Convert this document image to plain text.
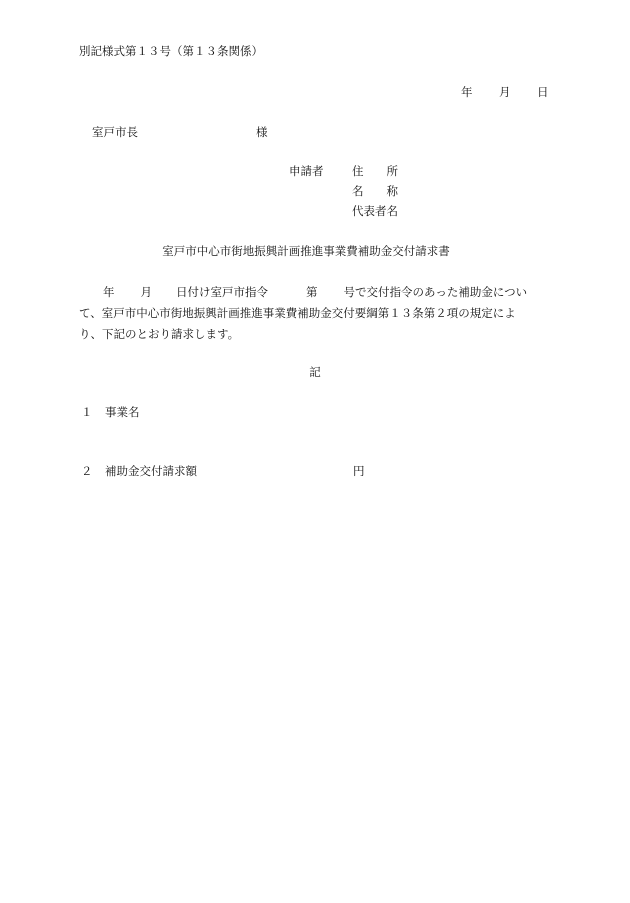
別記様式第１３号（第１３条関係）
年 月 日
室戸市長	様
申請者 住　　所
名　　称
代表者名
室戸市中心市街地振興計画推進事業費補助金交付請求書
年 月 日付け室戸市指令	第 号で交付指令のあった補助金につい
て、室戸市中心市街地振興計画推進事業費補助金交付要綱第１３条第２項の規定によ
り、下記のとおり請求します。
記
１ 事業名
２ 補助金交付請求額	円
